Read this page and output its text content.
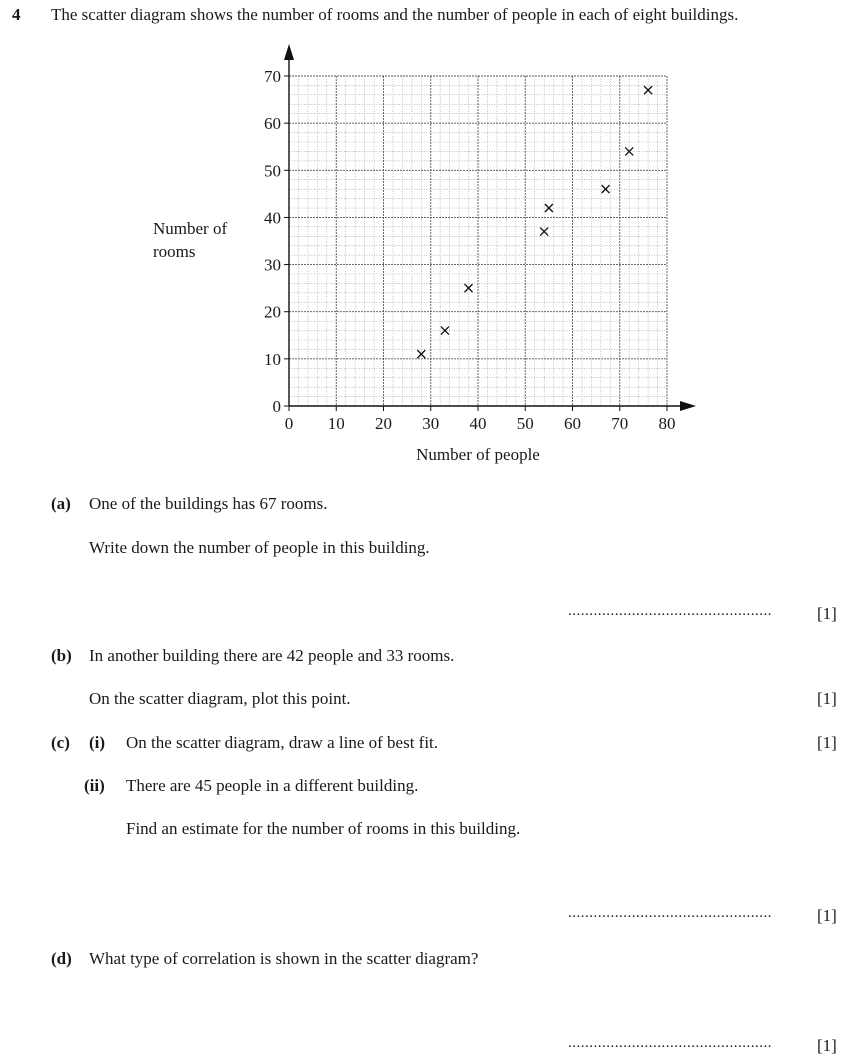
4 The scatter diagram shows the number of rooms and the number of people in each of eight buildings.
0 10 20 30 40 50 60 70 80
0
10
20
30
40
50
60
70
Number of people
Number of
rooms
(a) One of the buildings has 67 rooms.
Write down the number of people in this building.
................................................	[1]
(b) In another building there are 42 people and 33 rooms.
On the scatter diagram, plot this point.	[1]
(c) (i) On the scatter diagram, draw a line of best fit.	[1]
(ii) There are 45 people in a different building.
Find an estimate for the number of rooms in this building.
................................................	[1]
(d) What type of correlation is shown in the scatter diagram?
................................................	[1]
